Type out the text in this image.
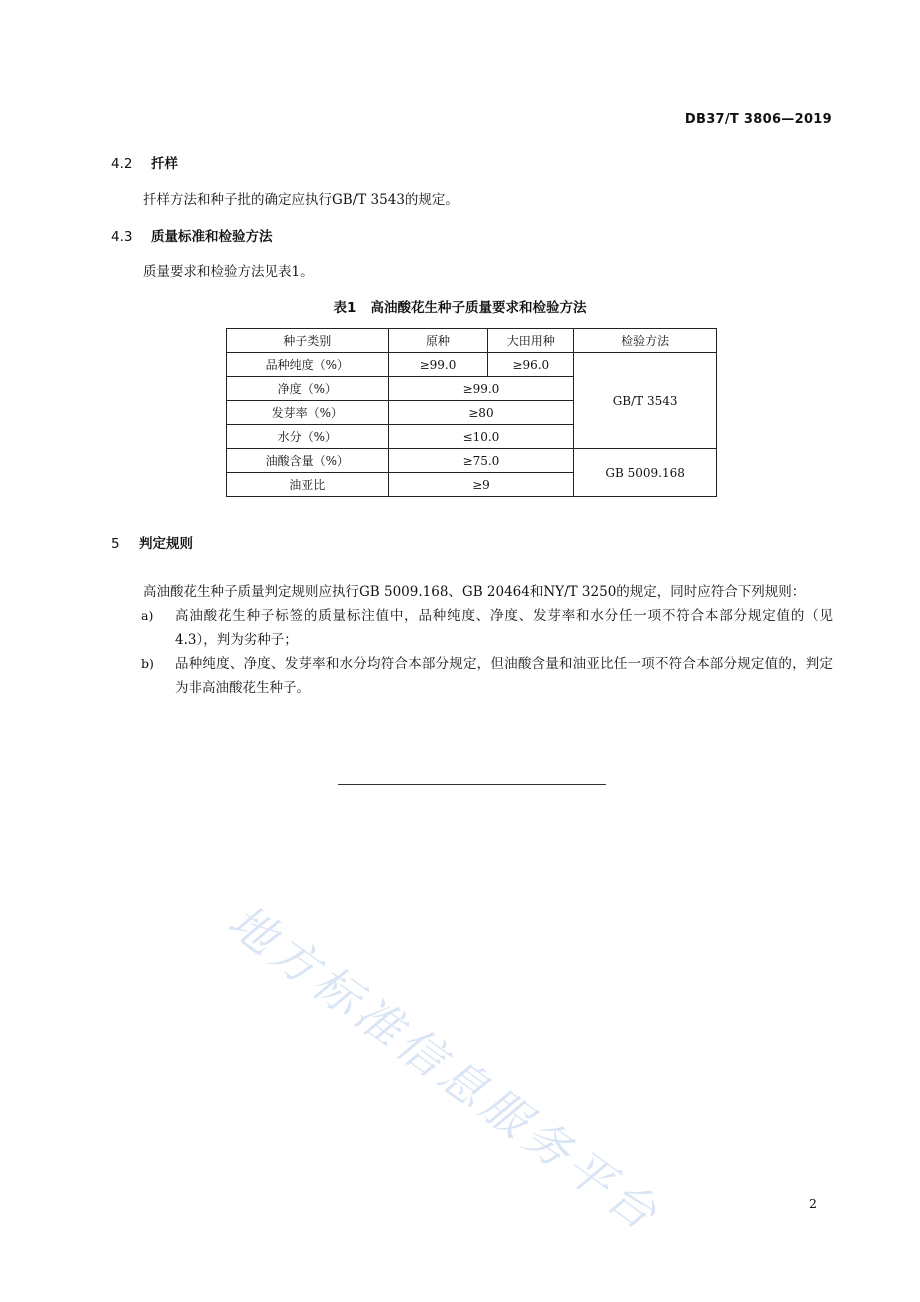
DB37/T 3806—2019
4.2 扦样
扦样方法和种子批的确定应执行GB/T 3543的规定。
4.3 质量标准和检验方法
质量要求和检验方法见表1。
表1 高油酸花生种子质量要求和检验方法
种子类别	原种	大田用种	检验方法
品种纯度（%）	≥99.0	≥96.0	GB/T 3543
净度（%）	≥99.0		
发芽率（%）	≥80		
水分（%）	≤10.0		
油酸含量（%）	≥75.0		GB 5009.168
油亚比	≥9		
5 判定规则

高油酸花生种子质量判定规则应执行GB 5009.168、GB 20464和NY/T 3250的规定，同时应符合下列规则：

a) 高油酸花生种子标签的质量标注值中，品种纯度、净度、发芽率和水分任一项不符合本部分规定值的（见4.3），判为劣种子；

b) 品种纯度、净度、发芽率和水分均符合本部分规定，但油酸含量和油亚比任一项不符合本部分规定值的，判定为非高油酸花生种子。

地方标准信息服务平台	2
